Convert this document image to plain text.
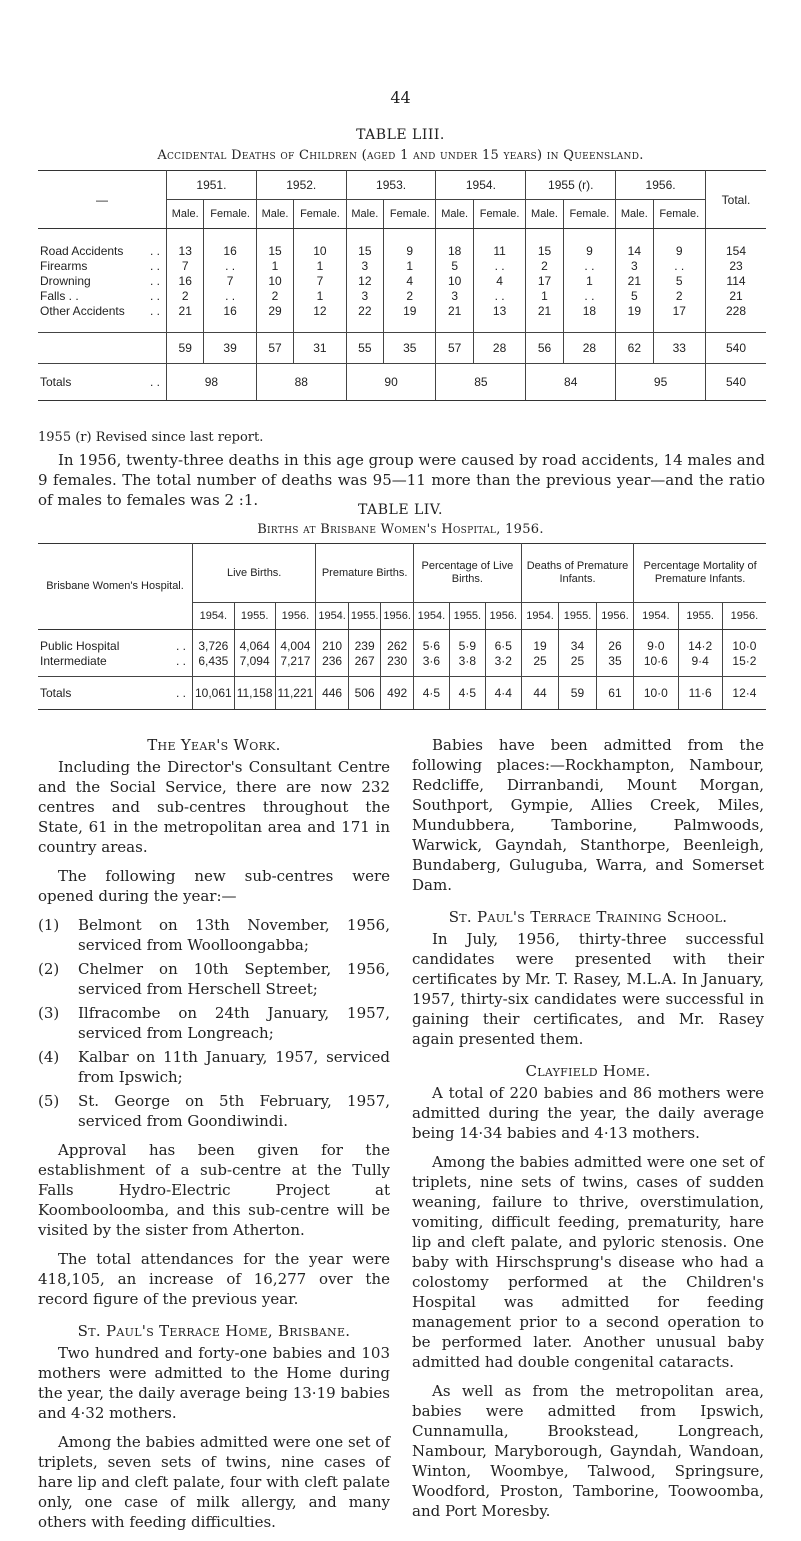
44
TABLE LIII.
Accidental Deaths of Children (aged 1 and under 15 years) in Queensland.
—	1951.		1952.		1953.		1954.		1955 (r).		1956.		Total.
	Male.	Female.	Male.	Female.	Male.	Female.	Male.	Female.	Male.	Female.	Male.	Female.	

Road Accidents . .	13	16	15	10	15	9	18	11	15	9	14	9	154
Firearms . .	7	. .	1	1	3	1	5	. .	2	. .	3	. .	23
Drowning . .	16	7	10	7	12	4	10	4	17	1	21	5	114
Falls . . . .	2	. .	2	1	3	2	3	. .	1	. .	5	2	21
Other Accidents . .	21	16	29	12	22	19	21	13	21	18	19	17	228

	59	39	57	31	55	35	57	28	56	28	62	33	540
Totals . .	98		88		90		85		84		95		540
1955 (r) Revised since last report.

In 1956, twenty-three deaths in this age group were caused by road accidents, 14 males and 9 females. The total number of deaths was 95—11 more than the previous year—and the ratio of males to females was 2 :1.

TABLE LIV.
Births at Brisbane Women's Hospital, 1956.
Brisbane Women's Hospital.	Live Births.			Premature Births.			Percentage of Live Births.			Deaths of Premature Infants.			Percentage Mortality of Premature Infants.		
	1954.	1955.	1956.	1954.	1955.	1956.	1954.	1955.	1956.	1954.	1955.	1956.	1954.	1955.	1956.

Public Hospital . .	3,726	4,064	4,004	210	239	262	5·6	5·9	6·5	19	34	26	9·0	14·2	10·0
Intermediate . .	6,435	7,094	7,217	236	267	230	3·6	3·8	3·2	25	25	35	10·6	9·4	15·2

Totals . .	10,061	11,158	11,221	446	506	492	4·5	4·5	4·4	44	59	61	10·0	11·6	12·4
The Year's Work.

Including the Director's Consultant Centre and the Social Service, there are now 232 centres and sub-centres throughout the State, 61 in the metropolitan area and 171 in country areas.

The following new sub-centres were opened during the year:—

(1) Belmont on 13th November, 1956, serviced from Woolloongabba;
(2) Chelmer on 10th September, 1956, serviced from Herschell Street;
(3) Ilfracombe on 24th January, 1957, serviced from Longreach;
(4) Kalbar on 11th January, 1957, serviced from Ipswich;
(5) St. George on 5th February, 1957, serviced from Goondiwindi.

Approval has been given for the establishment of a sub-centre at the Tully Falls Hydro-Electric Project at Koombooloomba, and this sub-centre will be visited by the sister from Atherton.

The total attendances for the year were 418,105, an increase of 16,277 over the record figure of the previous year.

St. Paul's Terrace Home, Brisbane.

Two hundred and forty-one babies and 103 mothers were admitted to the Home during the year, the daily average being 13·19 babies and 4·32 mothers.

Among the babies admitted were one set of triplets, seven sets of twins, nine cases of hare lip and cleft palate, four with cleft palate only, one case of milk allergy, and many others with feeding difficulties.

Babies have been admitted from the following places:—Rockhampton, Nambour, Redcliffe, Dirranbandi, Mount Morgan, Southport, Gympie, Allies Creek, Miles, Mundubbera, Tamborine, Palmwoods, Warwick, Gayndah, Stanthorpe, Beenleigh, Bundaberg, Guluguba, Warra, and Somerset Dam.

St. Paul's Terrace Training School.

In July, 1956, thirty-three successful candidates were presented with their certificates by Mr. T. Rasey, M.L.A. In January, 1957, thirty-six candidates were successful in gaining their certificates, and Mr. Rasey again presented them.

Clayfield Home.

A total of 220 babies and 86 mothers were admitted during the year, the daily average being 14·34 babies and 4·13 mothers.

Among the babies admitted were one set of triplets, nine sets of twins, cases of sudden weaning, failure to thrive, overstimulation, vomiting, difficult feeding, prematurity, hare lip and cleft palate, and pyloric stenosis. One baby with Hirschsprung's disease who had a colostomy performed at the Children's Hospital was admitted for feeding management prior to a second operation to be performed later. Another unusual baby admitted had double congenital cataracts.

As well as from the metropolitan area, babies were admitted from Ipswich, Cunnamulla, Brookstead, Longreach, Nambour, Maryborough, Gayndah, Wandoan, Winton, Woombye, Talwood, Springsure, Woodford, Proston, Tamborine, Toowoomba, and Port Moresby.
